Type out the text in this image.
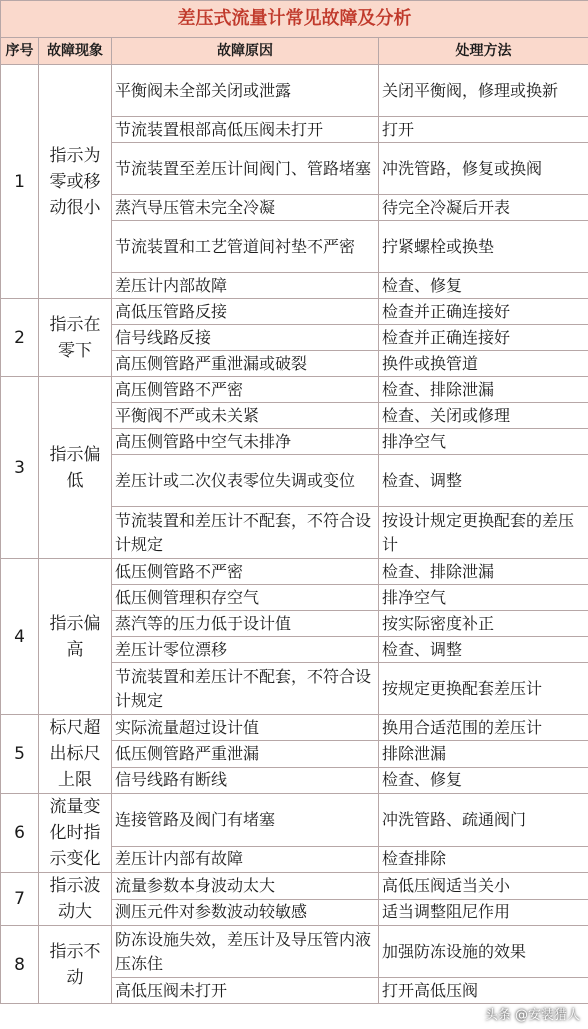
差压式流量计常见故障及分析			
序号	故障现象	故障原因	处理方法
1	指示为零或移动很小	平衡阀未全部关闭或泄露	关闭平衡阀，修理或换新
		节流装置根部高低压阀未打开	打开
		节流装置至差压计间阀门、管路堵塞	冲洗管路，修复或换阀
		蒸汽导压管未完全冷凝	待完全冷凝后开表
		节流装置和工艺管道间衬垫不严密	拧紧螺栓或换垫
		差压计内部故障	检查、修复
2	指示在零下	高低压管路反接	检查并正确连接好
		信号线路反接	检查并正确连接好
		高压侧管路严重泄漏或破裂	换件或换管道
3	指示偏低	高压侧管路不严密	检查、排除泄漏
		平衡阀不严或未关紧	检查、关闭或修理
		高压侧管路中空气未排净	排净空气
		差压计或二次仪表零位失调或变位	检查、调整
		节流装置和差压计不配套，不符合设计规定	按设计规定更换配套的差压计
4	指示偏高	低压侧管路不严密	检查、排除泄漏
		低压侧管理积存空气	排净空气
		蒸汽等的压力低于设计值	按实际密度补正
		差压计零位漂移	检查、调整
		节流装置和差压计不配套，不符合设计规定	按规定更换配套差压计
5	标尺超出标尺上限	实际流量超过设计值	换用合适范围的差压计
		低压侧管路严重泄漏	排除泄漏
		信号线路有断线	检查、修复
6	流量变化时指示变化	连接管路及阀门有堵塞	冲洗管路、疏通阀门
		差压计内部有故障	检查排除
7	指示波动大	流量参数本身波动太大	高低压阀适当关小
		测压元件对参数波动较敏感	适当调整阻尼作用
8	指示不动	防冻设施失效，差压计及导压管内液压冻住	加强防冻设施的效果
		高低压阀未打开	打开高低压阀
头条 @安装猎人
